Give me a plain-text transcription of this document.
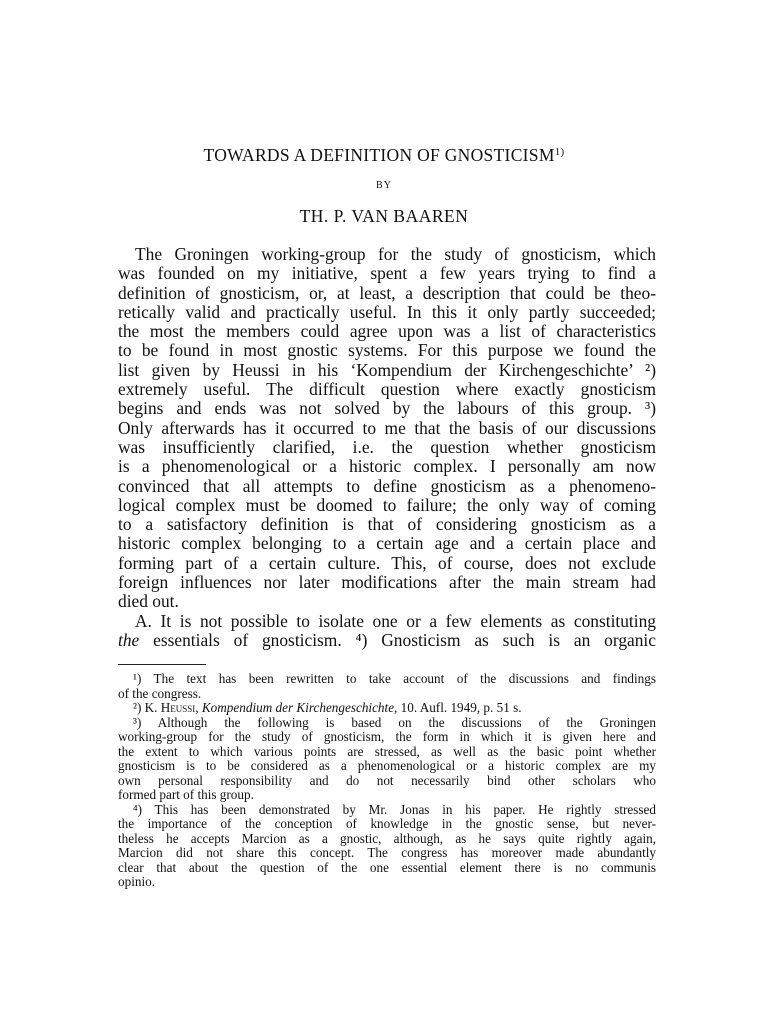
TOWARDS A DEFINITION OF GNOSTICISM$^{1)}$
BY
TH. P. VAN BAAREN
The Groningen working-group for the study of gnosticism, which
was founded on my initiative, spent a few years trying to find a
definition of gnosticism, or, at least, a description that could be theo-
retically valid and practically useful. In this it only partly succeeded;
the most the members could agree upon was a list of characteristics
to be found in most gnostic systems. For this purpose we found the
list given by Heussi in his ‘Kompendium der Kirchengeschichte’ ²)
extremely useful. The difficult question where exactly gnosticism
begins and ends was not solved by the labours of this group. ³)
Only afterwards has it occurred to me that the basis of our discussions
was insufficiently clarified, i.e. the question whether gnosticism
is a phenomenological or a historic complex. I personally am now
convinced that all attempts to define gnosticism as a phenomeno-
logical complex must be doomed to failure; the only way of coming
to a satisfactory definition is that of considering gnosticism as a
historic complex belonging to a certain age and a certain place and
forming part of a certain culture. This, of course, does not exclude
foreign influences nor later modifications after the main stream had
died out.
A. It is not possible to isolate one or a few elements as constituting
the essentials of gnosticism. ⁴) Gnosticism as such is an organic
¹) The text has been rewritten to take account of the discussions and findings
of the congress.
²) K. Heussi, Kompendium der Kirchengeschichte, 10. Aufl. 1949, p. 51 s.
³) Although the following is based on the discussions of the Groningen
working-group for the study of gnosticism, the form in which it is given here and
the extent to which various points are stressed, as well as the basic point whether
gnosticism is to be considered as a phenomenological or a historic complex are my
own personal responsibility and do not necessarily bind other scholars who
formed part of this group.
⁴) This has been demonstrated by Mr. Jonas in his paper. He rightly stressed
the importance of the conception of knowledge in the gnostic sense, but never-
theless he accepts Marcion as a gnostic, although, as he says quite rightly again,
Marcion did not share this concept. The congress has moreover made abundantly
clear that about the question of the one essential element there is no communis
opinio.
